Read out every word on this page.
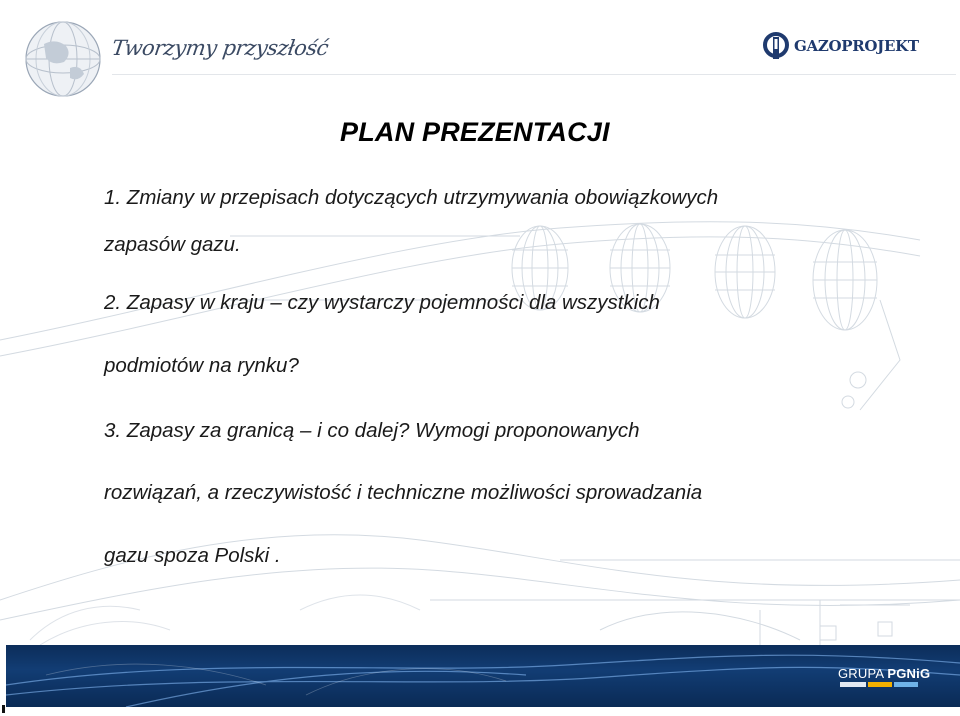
Tworzymy przyszłość	GAZOPROJEKT
PLAN PREZENTACJI
1. Zmiany w przepisach dotyczących utrzymywania obowiązkowych
zapasów gazu.
2. Zapasy w kraju – czy wystarczy pojemności dla wszystkich
podmiotów na rynku?
3. Zapasy za granicą – i co dalej? Wymogi proponowanych
rozwiązań, a rzeczywistość i techniczne możliwości sprowadzania
gazu spoza Polski .
GRUPA PGNiG
